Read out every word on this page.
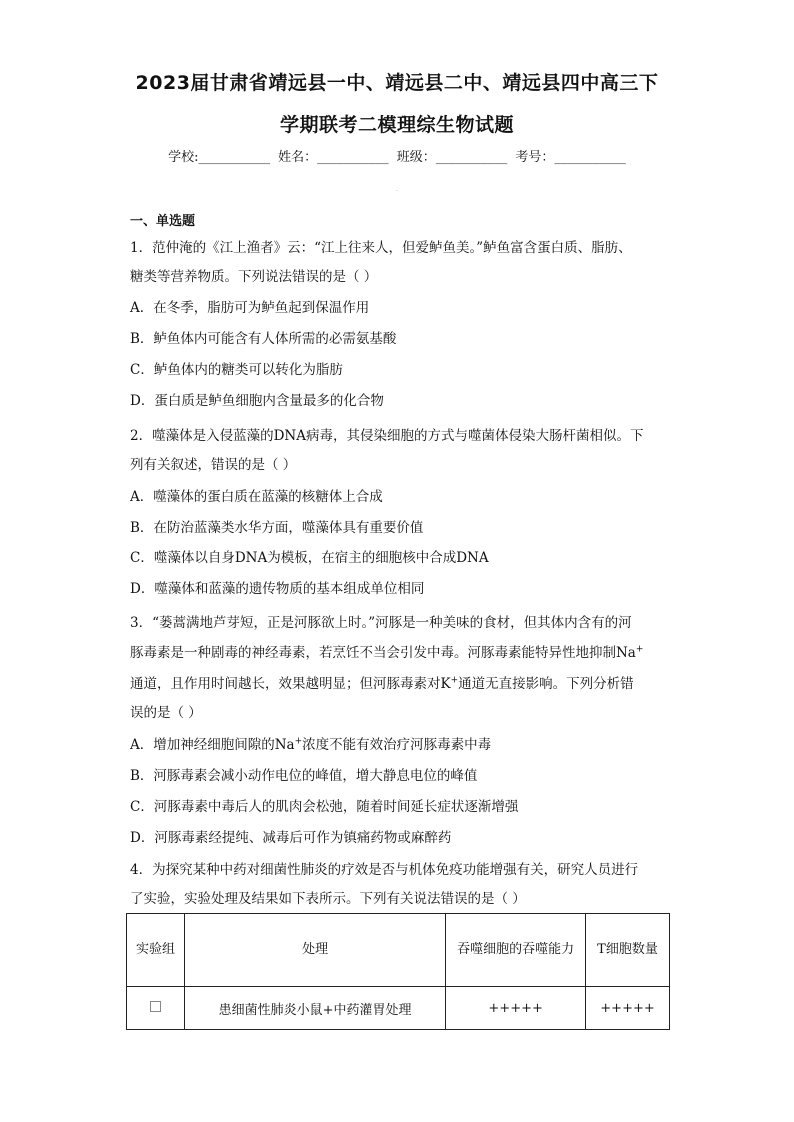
2023届甘肃省靖远县一中、靖远县二中、靖远县四中高三下
学期联考二模理综生物试题
学校:___________ 姓名：___________ 班级：___________ 考号：___________
·
一、单选题
1．范仲淹的《江上渔者》云：“江上往来人，但爱鲈鱼美。”鲈鱼富含蛋白质、脂肪、
糖类等营养物质。下列说法错误的是（ ）
A．在冬季，脂肪可为鲈鱼起到保温作用
B．鲈鱼体内可能含有人体所需的必需氨基酸
C．鲈鱼体内的糖类可以转化为脂肪
D．蛋白质是鲈鱼细胞内含量最多的化合物
2．噬藻体是入侵蓝藻的DNA病毒，其侵染细胞的方式与噬菌体侵染大肠杆菌相似。下
列有关叙述，错误的是（ ）
A．噬藻体的蛋白质在蓝藻的核糖体上合成
B．在防治蓝藻类水华方面，噬藻体具有重要价值
C．噬藻体以自身DNA为模板，在宿主的细胞核中合成DNA
D．噬藻体和蓝藻的遗传物质的基本组成单位相同
3．“蒌蒿满地芦芽短，正是河豚欲上时。”河豚是一种美味的食材，但其体内含有的河
豚毒素是一种剧毒的神经毒素，若烹饪不当会引发中毒。河豚毒素能特异性地抑制Na+
通道，且作用时间越长，效果越明显；但河豚毒素对K+通道无直接影响。下列分析错
误的是（ ）
A．增加神经细胞间隙的Na+浓度不能有效治疗河豚毒素中毒
B．河豚毒素会减小动作电位的峰值，增大静息电位的峰值
C．河豚毒素中毒后人的肌肉会松弛，随着时间延长症状逐渐增强
D．河豚毒素经提纯、减毒后可作为镇痛药物或麻醉药
4．为探究某种中药对细菌性肺炎的疗效是否与机体免疫功能增强有关，研究人员进行
了实验，实验处理及结果如下表所示。下列有关说法错误的是（ ）
实验组	处理	吞噬细胞的吞噬能力	T细胞数量
	患细菌性肺炎小鼠+中药灌胃处理	+++++	+++++
